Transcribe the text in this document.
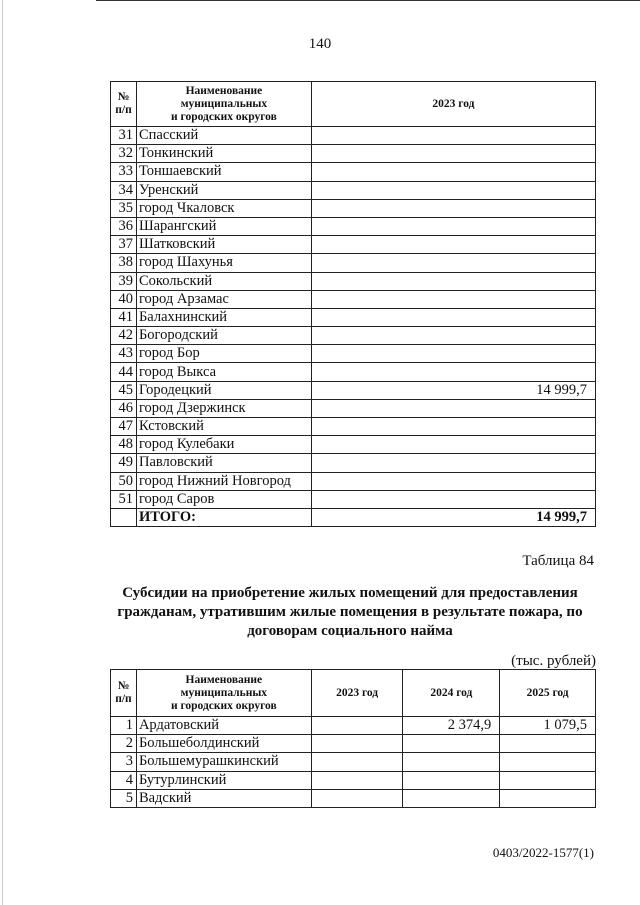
140
№
п/п	Наименование
муниципальных
и городских округов	2023 год
31	Спасский	
32	Тонкинский	
33	Тоншаевский	
34	Уренский	
35	город Чкаловск	
36	Шарангский	
37	Шатковский	
38	город Шахунья	
39	Сокольский	
40	город Арзамас	
41	Балахнинский	
42	Богородский	
43	город Бор	
44	город Выкса	
45	Городецкий	14 999,7
46	город Дзержинск	
47	Кстовский	
48	город Кулебаки	
49	Павловский	
50	город Нижний Новгород	
51	город Саров	
	ИТОГО:	14 999,7
Таблица 84
Субсидии на приобретение жилых помещений для предоставления гражданам, утратившим жилые помещения в результате пожара, по договорам социального найма
(тыс. рублей)
№
п/п	Наименование
муниципальных
и городских округов	2023 год	2024 год	2025 год
1	Ардатовский		2 374,9	1 079,5
2	Большеболдинский			
3	Большемурашкинский			
4	Бутурлинский			
5	Вадский			
0403/2022-1577(1)
